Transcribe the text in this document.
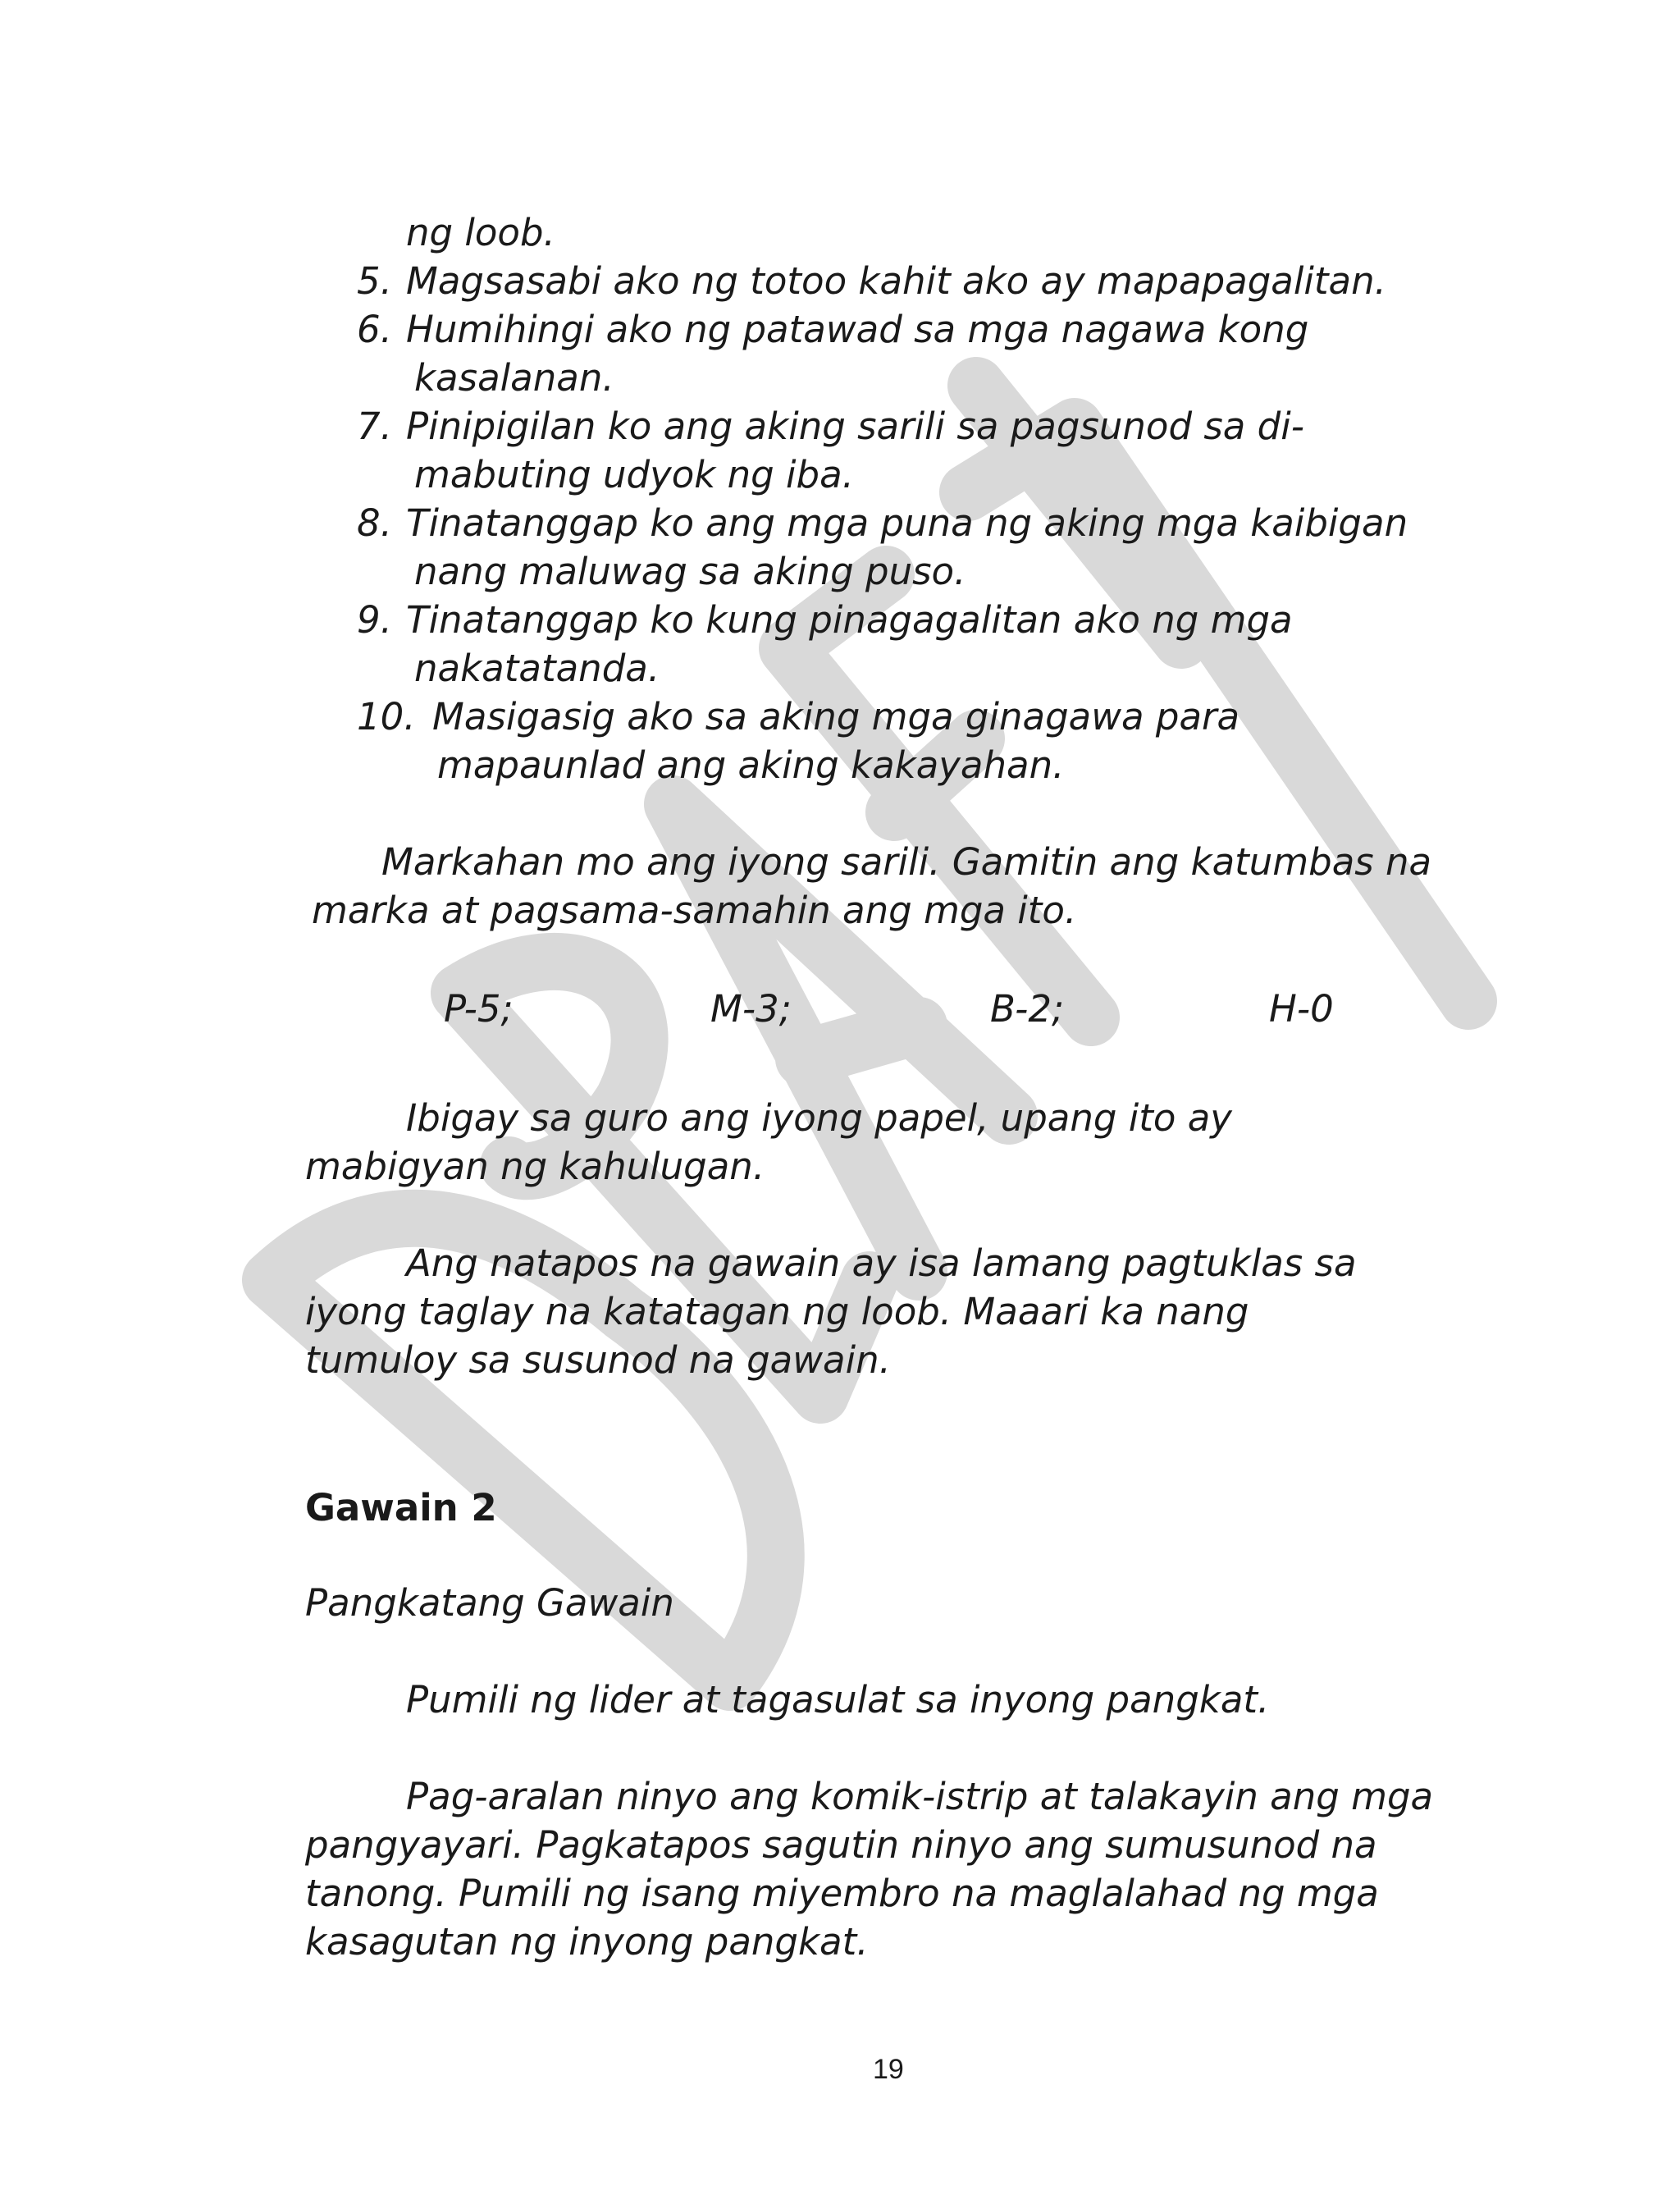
ng loob.
5. Magsasabi ako ng totoo kahit ako ay mapapagalitan.
6. Humihingi ako ng patawad sa mga nagawa kong
kasalanan.
7. Pinipigilan ko ang aking sarili sa pagsunod sa di-
mabuting udyok ng iba.
8. Tinatanggap ko ang mga puna ng aking mga kaibigan
nang maluwag sa aking puso.
9. Tinatanggap ko kung pinagagalitan ako ng mga
nakatatanda.
10. Masigasig ako sa aking mga ginagawa para
mapaunlad ang aking kakayahan.
Markahan mo ang iyong sarili. Gamitin ang katumbas na
marka at pagsama-samahin ang mga ito.
P-5;	M-3;	B-2;	H-0
Ibigay sa guro ang iyong papel, upang ito ay
mabigyan ng kahulugan.
Ang natapos na gawain ay isa lamang pagtuklas sa
iyong taglay na katatagan ng loob. Maaari ka nang
tumuloy sa susunod na gawain.
Gawain 2
Pangkatang Gawain
Pumili ng lider at tagasulat sa inyong pangkat.
Pag-aralan ninyo ang komik-istrip at talakayin ang mga
pangyayari. Pagkatapos sagutin ninyo ang sumusunod na
tanong. Pumili ng isang miyembro na maglalahad ng mga
kasagutan ng inyong pangkat.
19
